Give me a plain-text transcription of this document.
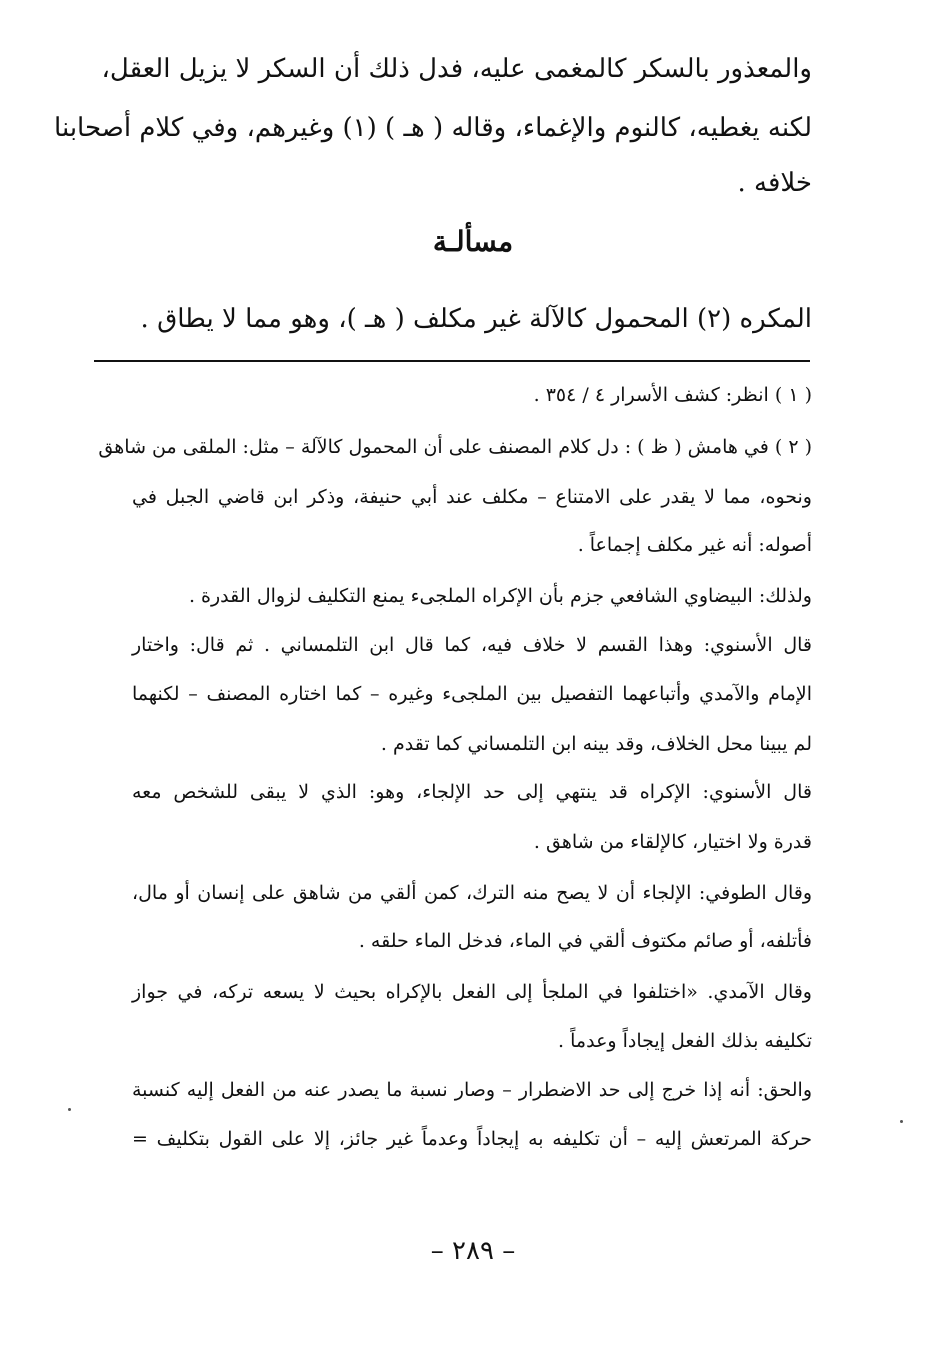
والمعذور بالسكر كالمغمى عليه، فدل ذلك أن السكر لا يزيل العقل،
لكنه يغطيه، كالنوم والإغماء، وقاله ( هـ ) (١) وغيرهم، وفي كلام أصحابنا
خلافه .
مسألـة
المكره (٢) المحمول كالآلة غير مكلف ( هـ )، وهو مما لا يطاق .
( ١ ) انظر: كشف الأسرار ٤ / ٣٥٤ .
( ٢ ) في هامش ( ظ ) : دل كلام المصنف على أن المحمول كالآلة – مثل: الملقى من شاهق
ونحوه، مما لا يقدر على الامتناع – مكلف عند أبي حنيفة، وذكر ابن قاضي الجبل في
أصوله: أنه غير مكلف إجماعاً .
ولذلك: البيضاوي الشافعي جزم بأن الإكراه الملجىء يمنع التكليف لزوال القدرة .
قال الأسنوي: وهذا القسم لا خلاف فيه، كما قال ابن التلمساني . ثم قال: واختار
الإمام والآمدي وأتباعهما التفصيل بين الملجىء وغيره – كما اختاره المصنف – لكنهما
لم يبينا محل الخلاف، وقد بينه ابن التلمساني كما تقدم .
قال الأسنوي: الإكراه قد ينتهي إلى حد الإلجاء، وهو: الذي لا يبقى للشخص معه
قدرة ولا اختيار، كالإلقاء من شاهق .
وقال الطوفي: الإلجاء أن لا يصح منه الترك، كمن ألقي من شاهق على إنسان أو مال،
فأتلفه، أو صائم مكتوف ألقي في الماء، فدخل الماء حلقه .
وقال الآمدي. «اختلفوا في الملجأ إلى الفعل بالإكراه بحيث لا يسعه تركه، في جواز
تكليفه بذلك الفعل إيجاداً وعدماً .
والحق: أنه إذا خرج إلى حد الاضطرار – وصار نسبة ما يصدر عنه من الفعل إليه كنسبة
حركة المرتعش إليه – أن تكليفه به إيجاداً وعدماً غير جائز، إلا على القول بتكليف =
– ٢٨٩ –
